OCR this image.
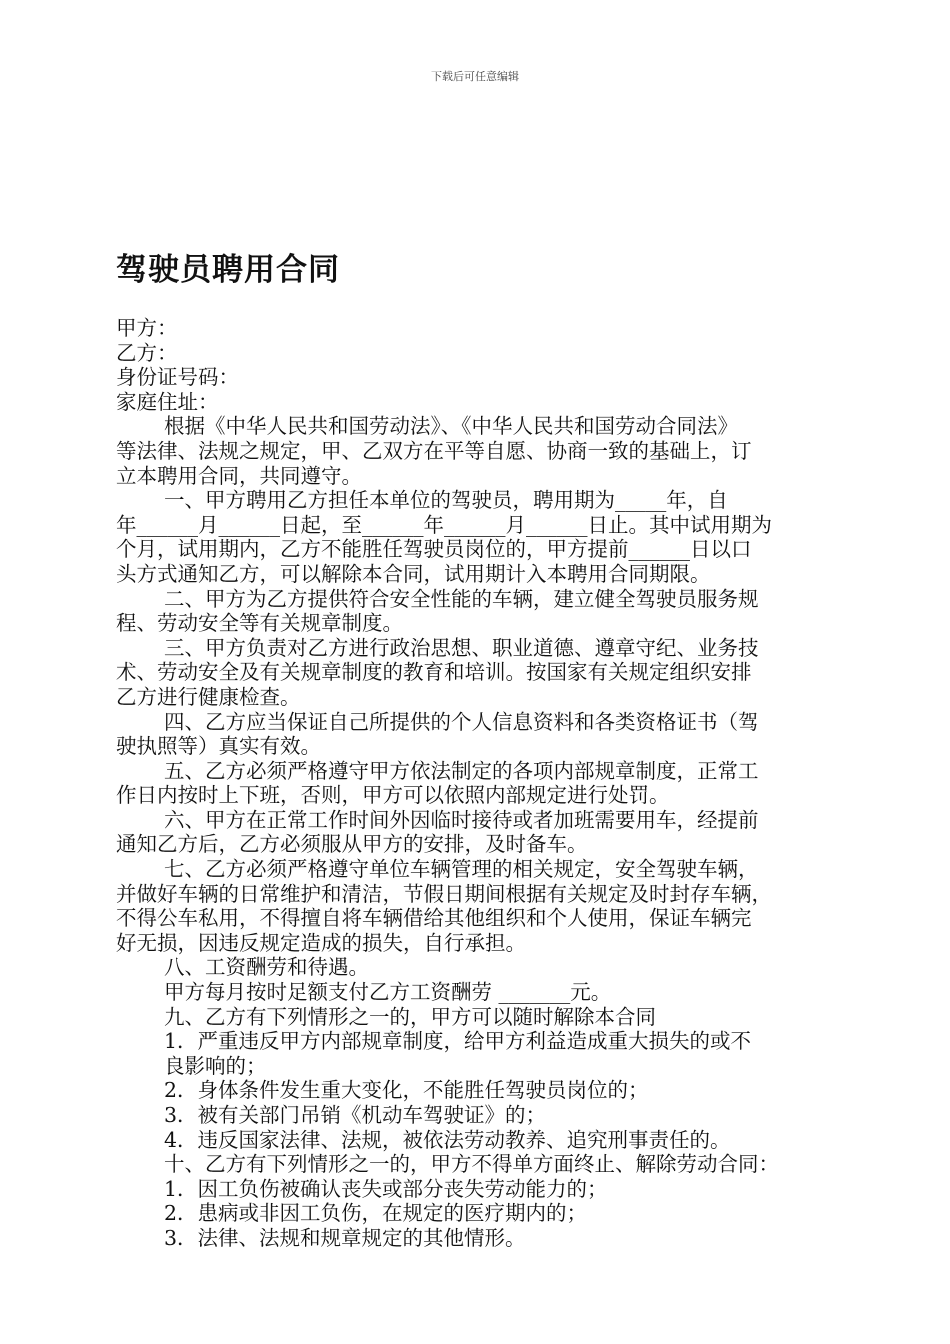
下载后可任意编辑
驾驶员聘用合同
甲方：
乙方：
身份证号码：
家庭住址：
根据《中华人民共和国劳动法》、《中华人民共和国劳动合同法》
等法律、法规之规定，甲、乙双方在平等自愿、协商一致的基础上，订
立本聘用合同，共同遵守。
一、甲方聘用乙方担任本单位的驾驶员，聘用期为_____年，自
年______月______日起，至______年______月______日止。其中试用期为
个月，试用期内，乙方不能胜任驾驶员岗位的，甲方提前______日以口
头方式通知乙方，可以解除本合同，试用期计入本聘用合同期限。
二、甲方为乙方提供符合安全性能的车辆，建立健全驾驶员服务规
程、劳动安全等有关规章制度。
三、甲方负责对乙方进行政治思想、职业道德、遵章守纪、业务技
术、劳动安全及有关规章制度的教育和培训。按国家有关规定组织安排
乙方进行健康检查。
四、乙方应当保证自己所提供的个人信息资料和各类资格证书（驾
驶执照等）真实有效。
五、乙方必须严格遵守甲方依法制定的各项内部规章制度，正常工
作日内按时上下班，否则，甲方可以依照内部规定进行处罚。
六、甲方在正常工作时间外因临时接待或者加班需要用车，经提前
通知乙方后，乙方必须服从甲方的安排，及时备车。
七、乙方必须严格遵守单位车辆管理的相关规定，安全驾驶车辆，
并做好车辆的日常维护和清洁，节假日期间根据有关规定及时封存车辆，
不得公车私用，不得擅自将车辆借给其他组织和个人使用，保证车辆完
好无损，因违反规定造成的损失，自行承担。
八、工资酬劳和待遇。
甲方每月按时足额支付乙方工资酬劳 _______元。
九、乙方有下列情形之一的，甲方可以随时解除本合同
1．严重违反甲方内部规章制度，给甲方利益造成重大损失的或不
良影响的；
2．身体条件发生重大变化，不能胜任驾驶员岗位的；
3．被有关部门吊销《机动车驾驶证》的；
4．违反国家法律、法规，被依法劳动教养、追究刑事责任的。
十、乙方有下列情形之一的，甲方不得单方面终止、解除劳动合同：
1．因工负伤被确认丧失或部分丧失劳动能力的；
2．患病或非因工负伤，在规定的医疗期内的；
3．法律、法规和规章规定的其他情形。
